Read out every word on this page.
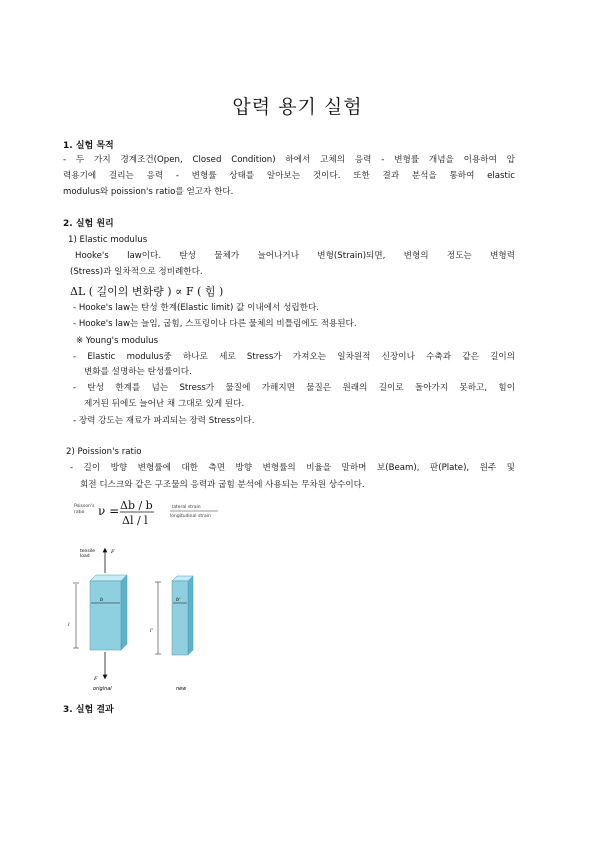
압력 용기 실험
1. 실험 목적
- 두 가지 경계조건(Open, Closed Condition) 하에서 고체의 응력 - 변형률 개념을 이용하여 압
력용기에 걸리는 응력 - 변형률 상태를 알아보는 것이다. 또한 결과 분석을 통하여 elastic
modulus와 poission's ratio를 얻고자 한다.
2. 실험 원리
1) Elastic modulus
Hooke's law이다. 탄성 물체가 늘어나거나 변형(Strain)되면, 변형의 정도는 변형력
(Stress)과 일차적으로 정비례한다.
ΔL ( 길이의 변화량 ) ∝ F ( 힘 )
- Hooke's law는 탄성 한계(Elastic limit) 값 이내에서 성립한다.
- Hooke's law는 늘임, 굽힘, 스프링이나 다른 물체의 비틀림에도 적용된다.
※ Young's modulus
- Elastic modulus중 하나로 세로 Stress가 가져오는 일차원적 신장이나 수축과 같은 길이의
변화를 설명하는 탄성률이다.
- 탄성 한계를 넘는 Stress가 물질에 가해지면 물질은 원래의 길이로 돌아가지 못하고, 힘이
제거된 뒤에도 늘어난 채 그대로 있게 된다.
- 장력 강도는 재료가 파괴되는 장력 Stress이다.
2) Poission's ratio
- 길이 방향 변형률에 대한 측면 방향 변형률의 비율을 말하며 보(Beam), 판(Plate), 원주 및
회전 디스크와 같은 구조물의 응력과 굽힘 분석에 사용되는 무차원 상수이다.
Poisson's
ratio ν = Δb / b
Δl / l
lateral strain
longitudinal strain
tensile
load
F
b
l
F
original
b'
l'
new
3. 실험 결과
